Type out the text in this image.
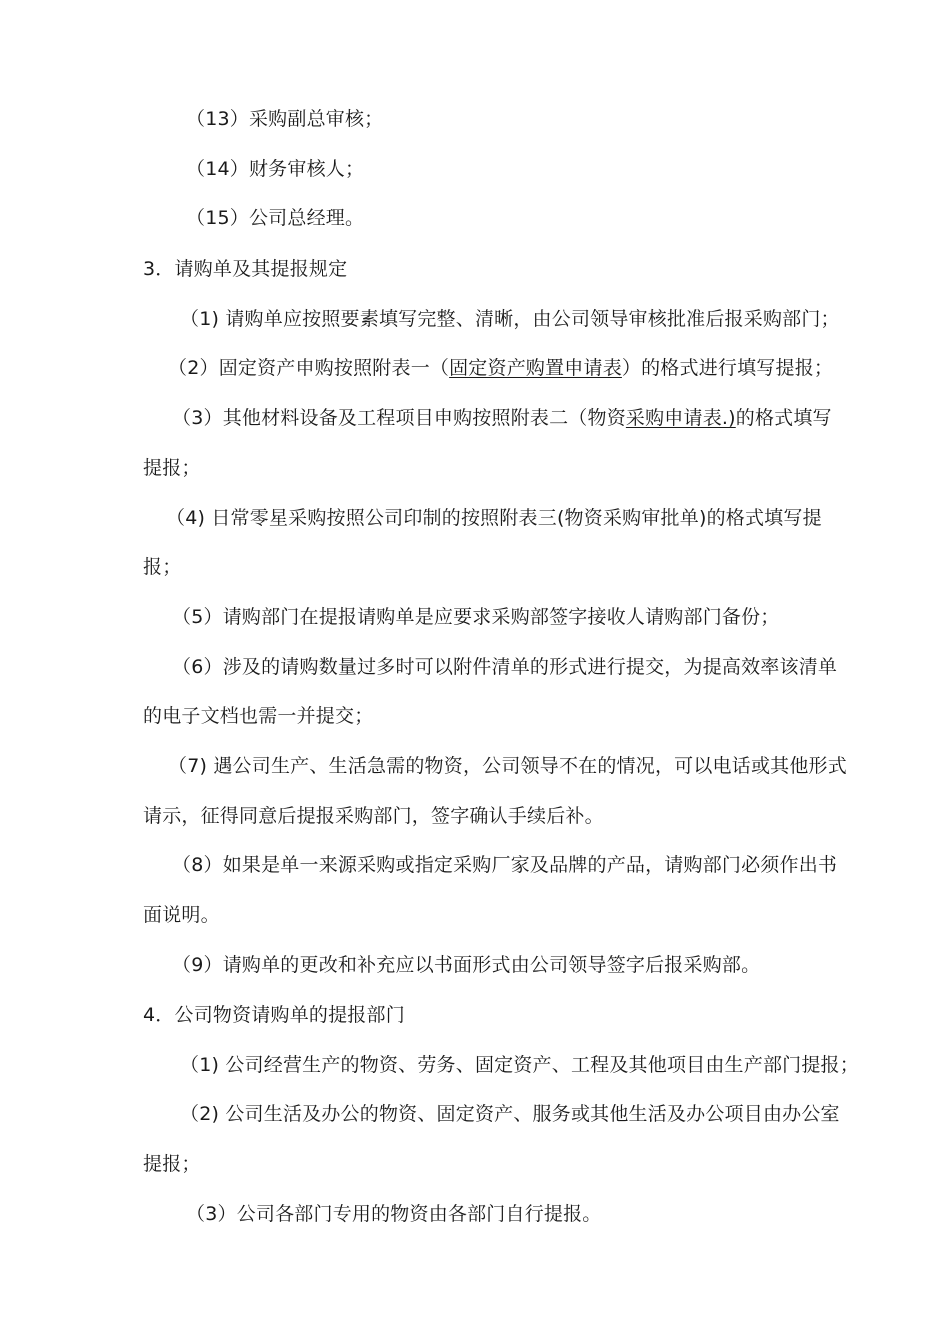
（13）采购副总审核；
（14）财务审核人；
（15）公司总经理。
3．请购单及其提报规定
（1) 请购单应按照要素填写完整、清晰，由公司领导审核批准后报采购部门；
（2）固定资产申购按照附表一（固定资产购置申请表）的格式进行填写提报；
（3）其他材料设备及工程项目申购按照附表二（物资采购申请表.)的格式填写
提报；
（4) 日常零星采购按照公司印制的按照附表三(物资采购审批单)的格式填写提
报；
（5）请购部门在提报请购单是应要求采购部签字接收人请购部门备份；
（6）涉及的请购数量过多时可以附件清单的形式进行提交，为提高效率该清单
的电子文档也需一并提交；
（7) 遇公司生产、生活急需的物资，公司领导不在的情况，可以电话或其他形式
请示，征得同意后提报采购部门，签字确认手续后补。
（8）如果是单一来源采购或指定采购厂家及品牌的产品，请购部门必须作出书
面说明。
（9）请购单的更改和补充应以书面形式由公司领导签字后报采购部。
4．公司物资请购单的提报部门
（1) 公司经营生产的物资、劳务、固定资产、工程及其他项目由生产部门提报；
（2) 公司生活及办公的物资、固定资产、服务或其他生活及办公项目由办公室
提报；
（3）公司各部门专用的物资由各部门自行提报。
